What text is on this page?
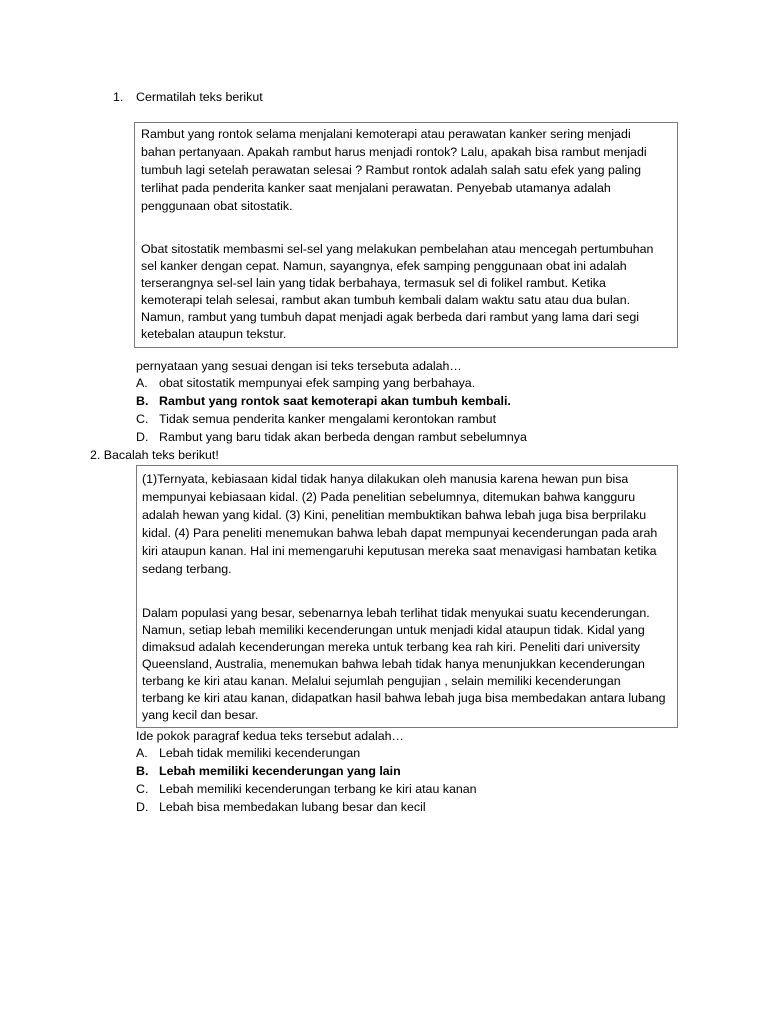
1. Cermatilah teks berikut
Rambut yang rontok selama menjalani kemoterapi atau perawatan kanker sering menjadi
bahan pertanyaan. Apakah rambut harus menjadi rontok? Lalu, apakah bisa rambut menjadi
tumbuh lagi setelah perawatan selesai ? Rambut rontok adalah salah satu efek yang paling
terlihat pada penderita kanker saat menjalani perawatan. Penyebab utamanya adalah
penggunaan obat sitostatik.
Obat sitostatik membasmi sel-sel yang melakukan pembelahan atau mencegah pertumbuhan
sel kanker dengan cepat. Namun, sayangnya, efek samping penggunaan obat ini adalah
terserangnya sel-sel lain yang tidak berbahaya, termasuk sel di folikel rambut. Ketika
kemoterapi telah selesai, rambut akan tumbuh kembali dalam waktu satu atau dua bulan.
Namun, rambut yang tumbuh dapat menjadi agak berbeda dari rambut yang lama dari segi
ketebalan ataupun tekstur.
pernyataan yang sesuai dengan isi teks tersebuta adalah…
A. obat sitostatik mempunyai efek samping yang berbahaya.
B. Rambut yang rontok saat kemoterapi akan tumbuh kembali.
C. Tidak semua penderita kanker mengalami kerontokan rambut
D. Rambut yang baru tidak akan berbeda dengan rambut sebelumnya
2. Bacalah teks berikut!
(1)Ternyata, kebiasaan kidal tidak hanya dilakukan oleh manusia karena hewan pun bisa
mempunyai kebiasaan kidal. (2) Pada penelitian sebelumnya, ditemukan bahwa kangguru
adalah hewan yang kidal. (3) Kini, penelitian membuktikan bahwa lebah juga bisa berprilaku
kidal. (4) Para peneliti menemukan bahwa lebah dapat mempunyai kecenderungan pada arah
kiri ataupun kanan. Hal ini memengaruhi keputusan mereka saat menavigasi hambatan ketika
sedang terbang.
Dalam populasi yang besar, sebenarnya lebah terlihat tidak menyukai suatu kecenderungan.
Namun, setiap lebah memiliki kecenderungan untuk menjadi kidal ataupun tidak. Kidal yang
dimaksud adalah kecenderungan mereka untuk terbang kea rah kiri. Peneliti dari university
Queensland, Australia, menemukan bahwa lebah tidak hanya menunjukkan kecenderungan
terbang ke kiri atau kanan. Melalui sejumlah pengujian , selain memiliki kecenderungan
terbang ke kiri atau kanan, didapatkan hasil bahwa lebah juga bisa membedakan antara lubang
yang kecil dan besar.
Ide pokok paragraf kedua teks tersebut adalah…
A. Lebah tidak memiliki kecenderungan
B. Lebah memiliki kecenderungan yang lain
C. Lebah memiliki kecenderungan terbang ke kiri atau kanan
D. Lebah bisa membedakan lubang besar dan kecil
